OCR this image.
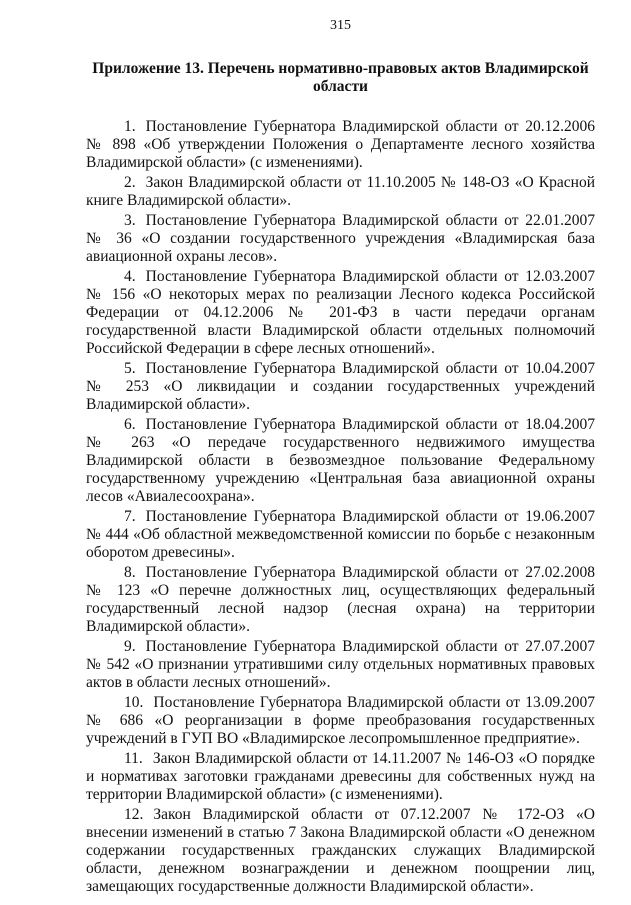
315
Приложение 13. Перечень нормативно-правовых актов Владимирской области
1. Постановление Губернатора Владимирской области от 20.12.2006 № 898 «Об утверждении Положения о Департаменте лесного хозяйства Владимирской области» (с изменениями).
2. Закон Владимирской области от 11.10.2005 № 148-ОЗ «О Красной книге Владимирской области».
3. Постановление Губернатора Владимирской области от 22.01.2007 № 36 «О создании государственного учреждения «Владимирская база авиационной охраны лесов».
4. Постановление Губернатора Владимирской области от 12.03.2007 № 156 «О некоторых мерах по реализации Лесного кодекса Российской Федерации от 04.12.2006 № 201-ФЗ в части передачи органам государственной власти Владимирской области отдельных полномочий Российской Федерации в сфере лесных отношений».
5. Постановление Губернатора Владимирской области от 10.04.2007 № 253 «О ликвидации и создании государственных учреждений Владимирской области».
6. Постановление Губернатора Владимирской области от 18.04.2007 № 263 «О передаче государственного недвижимого имущества Владимирской области в безвозмездное пользование Федеральному государственному учреждению «Центральная база авиационной охраны лесов «Авиалесоохрана».
7. Постановление Губернатора Владимирской области от 19.06.2007 № 444 «Об областной межведомственной комиссии по борьбе с незаконным оборотом древесины».
8. Постановление Губернатора Владимирской области от 27.02.2008 № 123 «О перечне должностных лиц, осуществляющих федеральный государственный лесной надзор (лесная охрана) на территории Владимирской области».
9. Постановление Губернатора Владимирской области от 27.07.2007 № 542 «О признании утратившими силу отдельных нормативных правовых актов в области лесных отношений».
10. Постановление Губернатора Владимирской области от 13.09.2007 № 686 «О реорганизации в форме преобразования государственных учреждений в ГУП ВО «Владимирское лесопромышленное предприятие».
11. Закон Владимирской области от 14.11.2007 № 146-ОЗ «О порядке и нормативах заготовки гражданами древесины для собственных нужд на территории Владимирской области» (с изменениями).
12. Закон Владимирской области от 07.12.2007 № 172-ОЗ «О внесении изменений в статью 7 Закона Владимирской области «О денежном содержании государственных гражданских служащих Владимирской области, денежном вознаграждении и денежном поощрении лиц, замещающих государственные должности Владимирской области».
